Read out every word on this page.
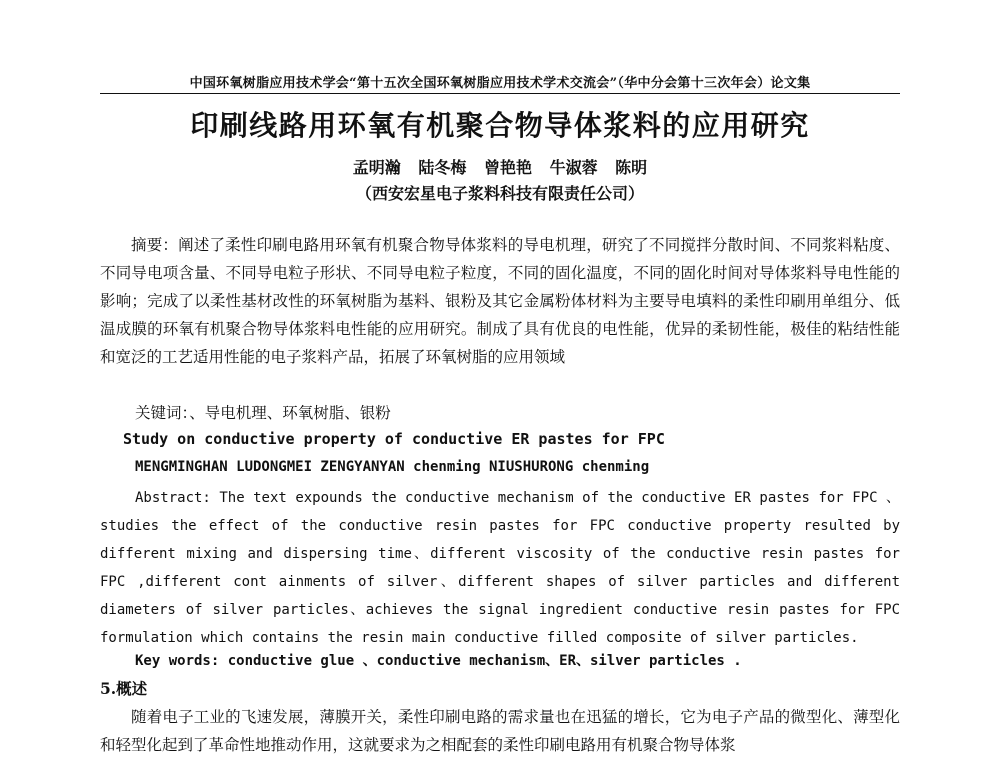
中国环氧树脂应用技术学会“第十五次全国环氧树脂应用技术学术交流会”（华中分会第十三次年会）论文集
印刷线路用环氧有机聚合物导体浆料的应用研究
孟明瀚 陆冬梅 曾艳艳 牛淑蓉 陈明
（西安宏星电子浆料科技有限责任公司）
摘要：阐述了柔性印刷电路用环氧有机聚合物导体浆料的导电机理，研究了不同搅拌分散时间、不同浆料粘度、不同导电项含量、不同导电粒子形状、不同导电粒子粒度，不同的固化温度，不同的固化时间对导体浆料导电性能的影响；完成了以柔性基材改性的环氧树脂为基料、银粉及其它金属粉体材料为主要导电填料的柔性印刷用单组分、低温成膜的环氧有机聚合物导体浆料电性能的应用研究。制成了具有优良的电性能，优异的柔韧性能，极佳的粘结性能和宽泛的工艺适用性能的电子浆料产品，拓展了环氧树脂的应用领域
关键词：、导电机理、环氧树脂、银粉
Study on conductive property of conductive ER pastes for FPC
MENGMINGHAN LUDONGMEI ZENGYANYAN chenming NIUSHURONG chenming
Abstract: The text expounds the conductive mechanism of the conductive ER pastes for FPC 、studies the effect of the conductive resin pastes for FPC conductive property resulted by different mixing and dispersing time、different viscosity of the conductive resin pastes for FPC ,different cont ainments of silver、different shapes of silver particles and different diameters of silver particles、achieves the signal ingredient conductive resin pastes for FPC formulation which contains the resin main conductive filled composite of silver particles.
Key words: conductive glue 、conductive mechanism、ER、silver particles .
5.概述
随着电子工业的飞速发展，薄膜开关，柔性印刷电路的需求量也在迅猛的增长，它为电子产品的微型化、薄型化和轻型化起到了革命性地推动作用，这就要求为之相配套的柔性印刷电路用有机聚合物导体浆
